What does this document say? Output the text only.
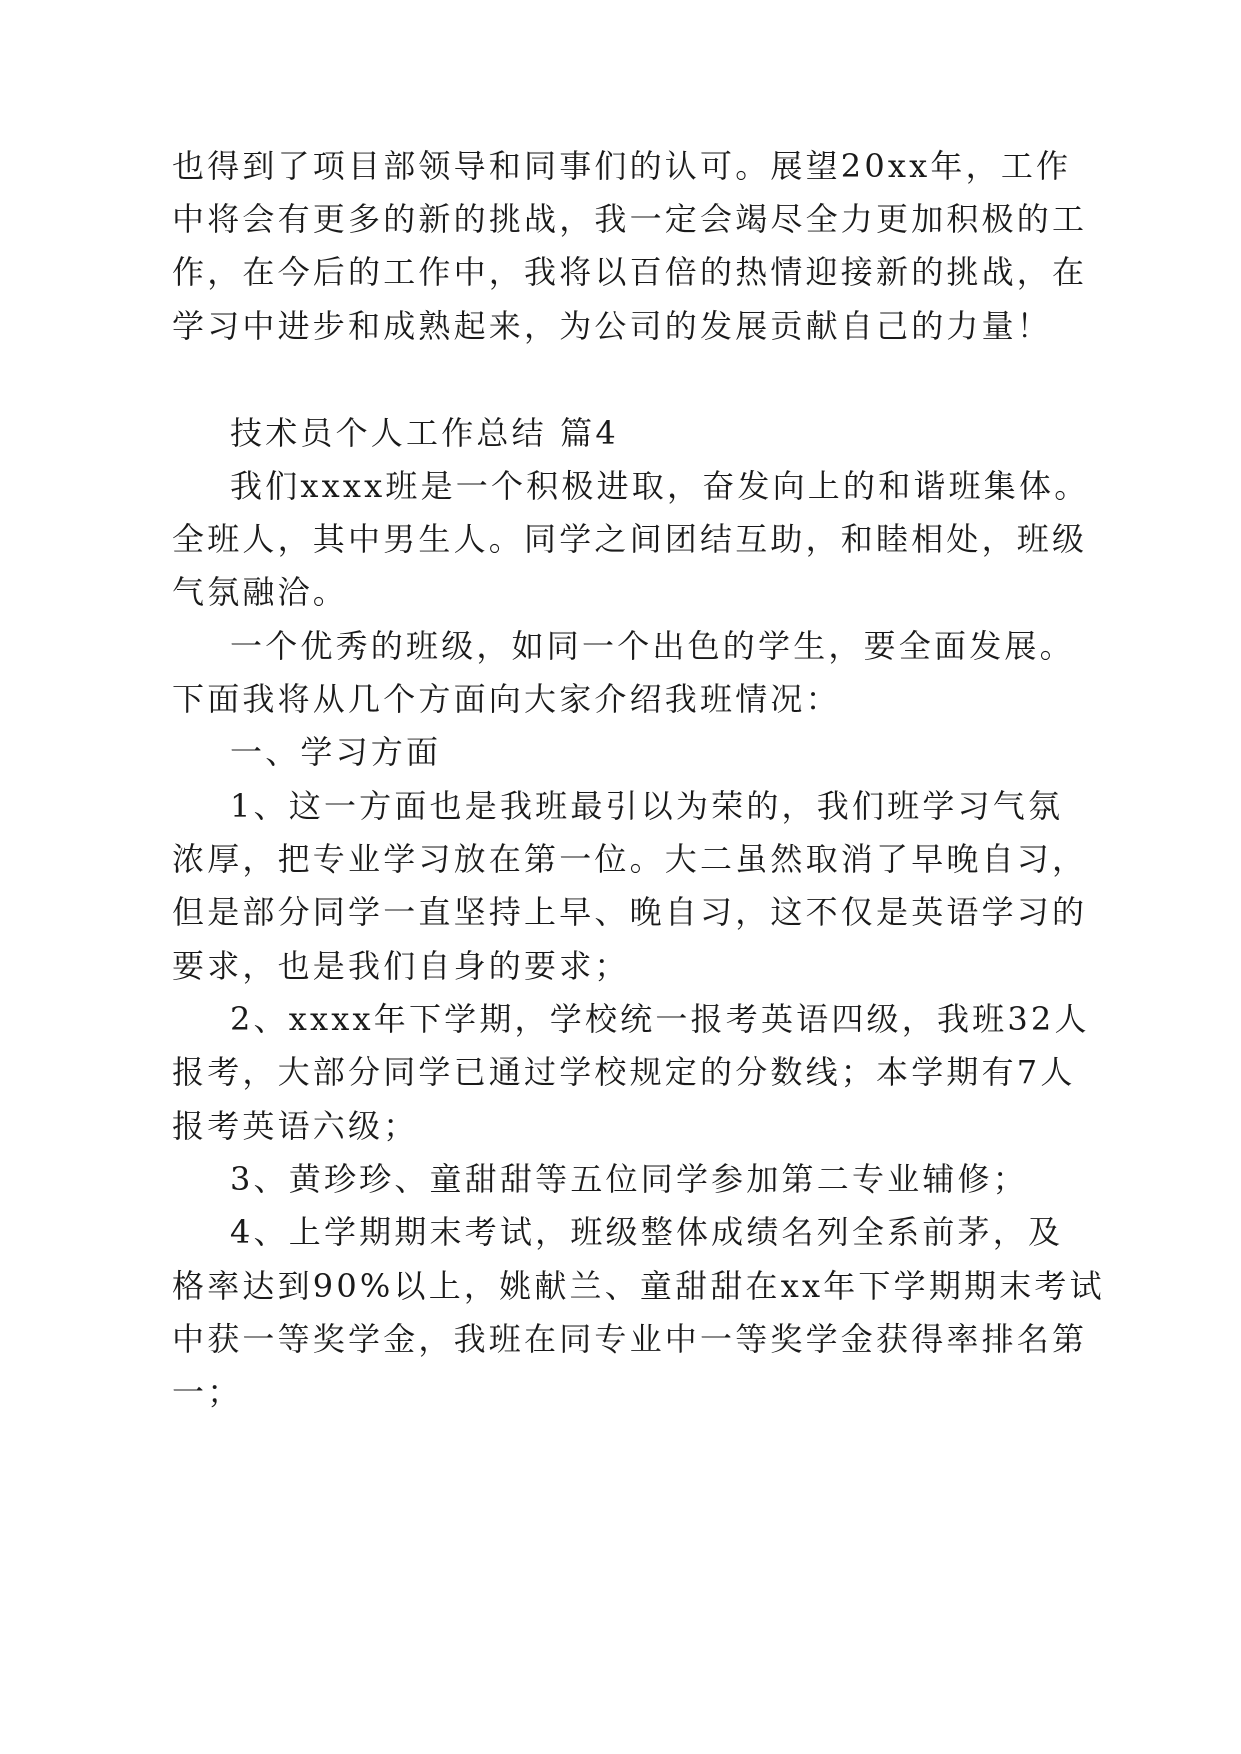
也得到了项目部领导和同事们的认可。展望20xx年，工作
中将会有更多的新的挑战，我一定会竭尽全力更加积极的工
作，在今后的工作中，我将以百倍的热情迎接新的挑战，在
学习中进步和成熟起来，为公司的发展贡献自己的力量！
技术员个人工作总结 篇4
我们xxxx班是一个积极进取，奋发向上的和谐班集体。
全班人，其中男生人。同学之间团结互助，和睦相处，班级
气氛融洽。
一个优秀的班级，如同一个出色的学生，要全面发展。
下面我将从几个方面向大家介绍我班情况：
一、学习方面
1、这一方面也是我班最引以为荣的，我们班学习气氛
浓厚，把专业学习放在第一位。大二虽然取消了早晚自习，
但是部分同学一直坚持上早、晚自习，这不仅是英语学习的
要求，也是我们自身的要求；
2、xxxx年下学期，学校统一报考英语四级，我班32人
报考，大部分同学已通过学校规定的分数线；本学期有7人
报考英语六级；
3、黄珍珍、童甜甜等五位同学参加第二专业辅修；
4、上学期期末考试，班级整体成绩名列全系前茅，及
格率达到90%以上，姚献兰、童甜甜在xx年下学期期末考试
中获一等奖学金，我班在同专业中一等奖学金获得率排名第
一；
